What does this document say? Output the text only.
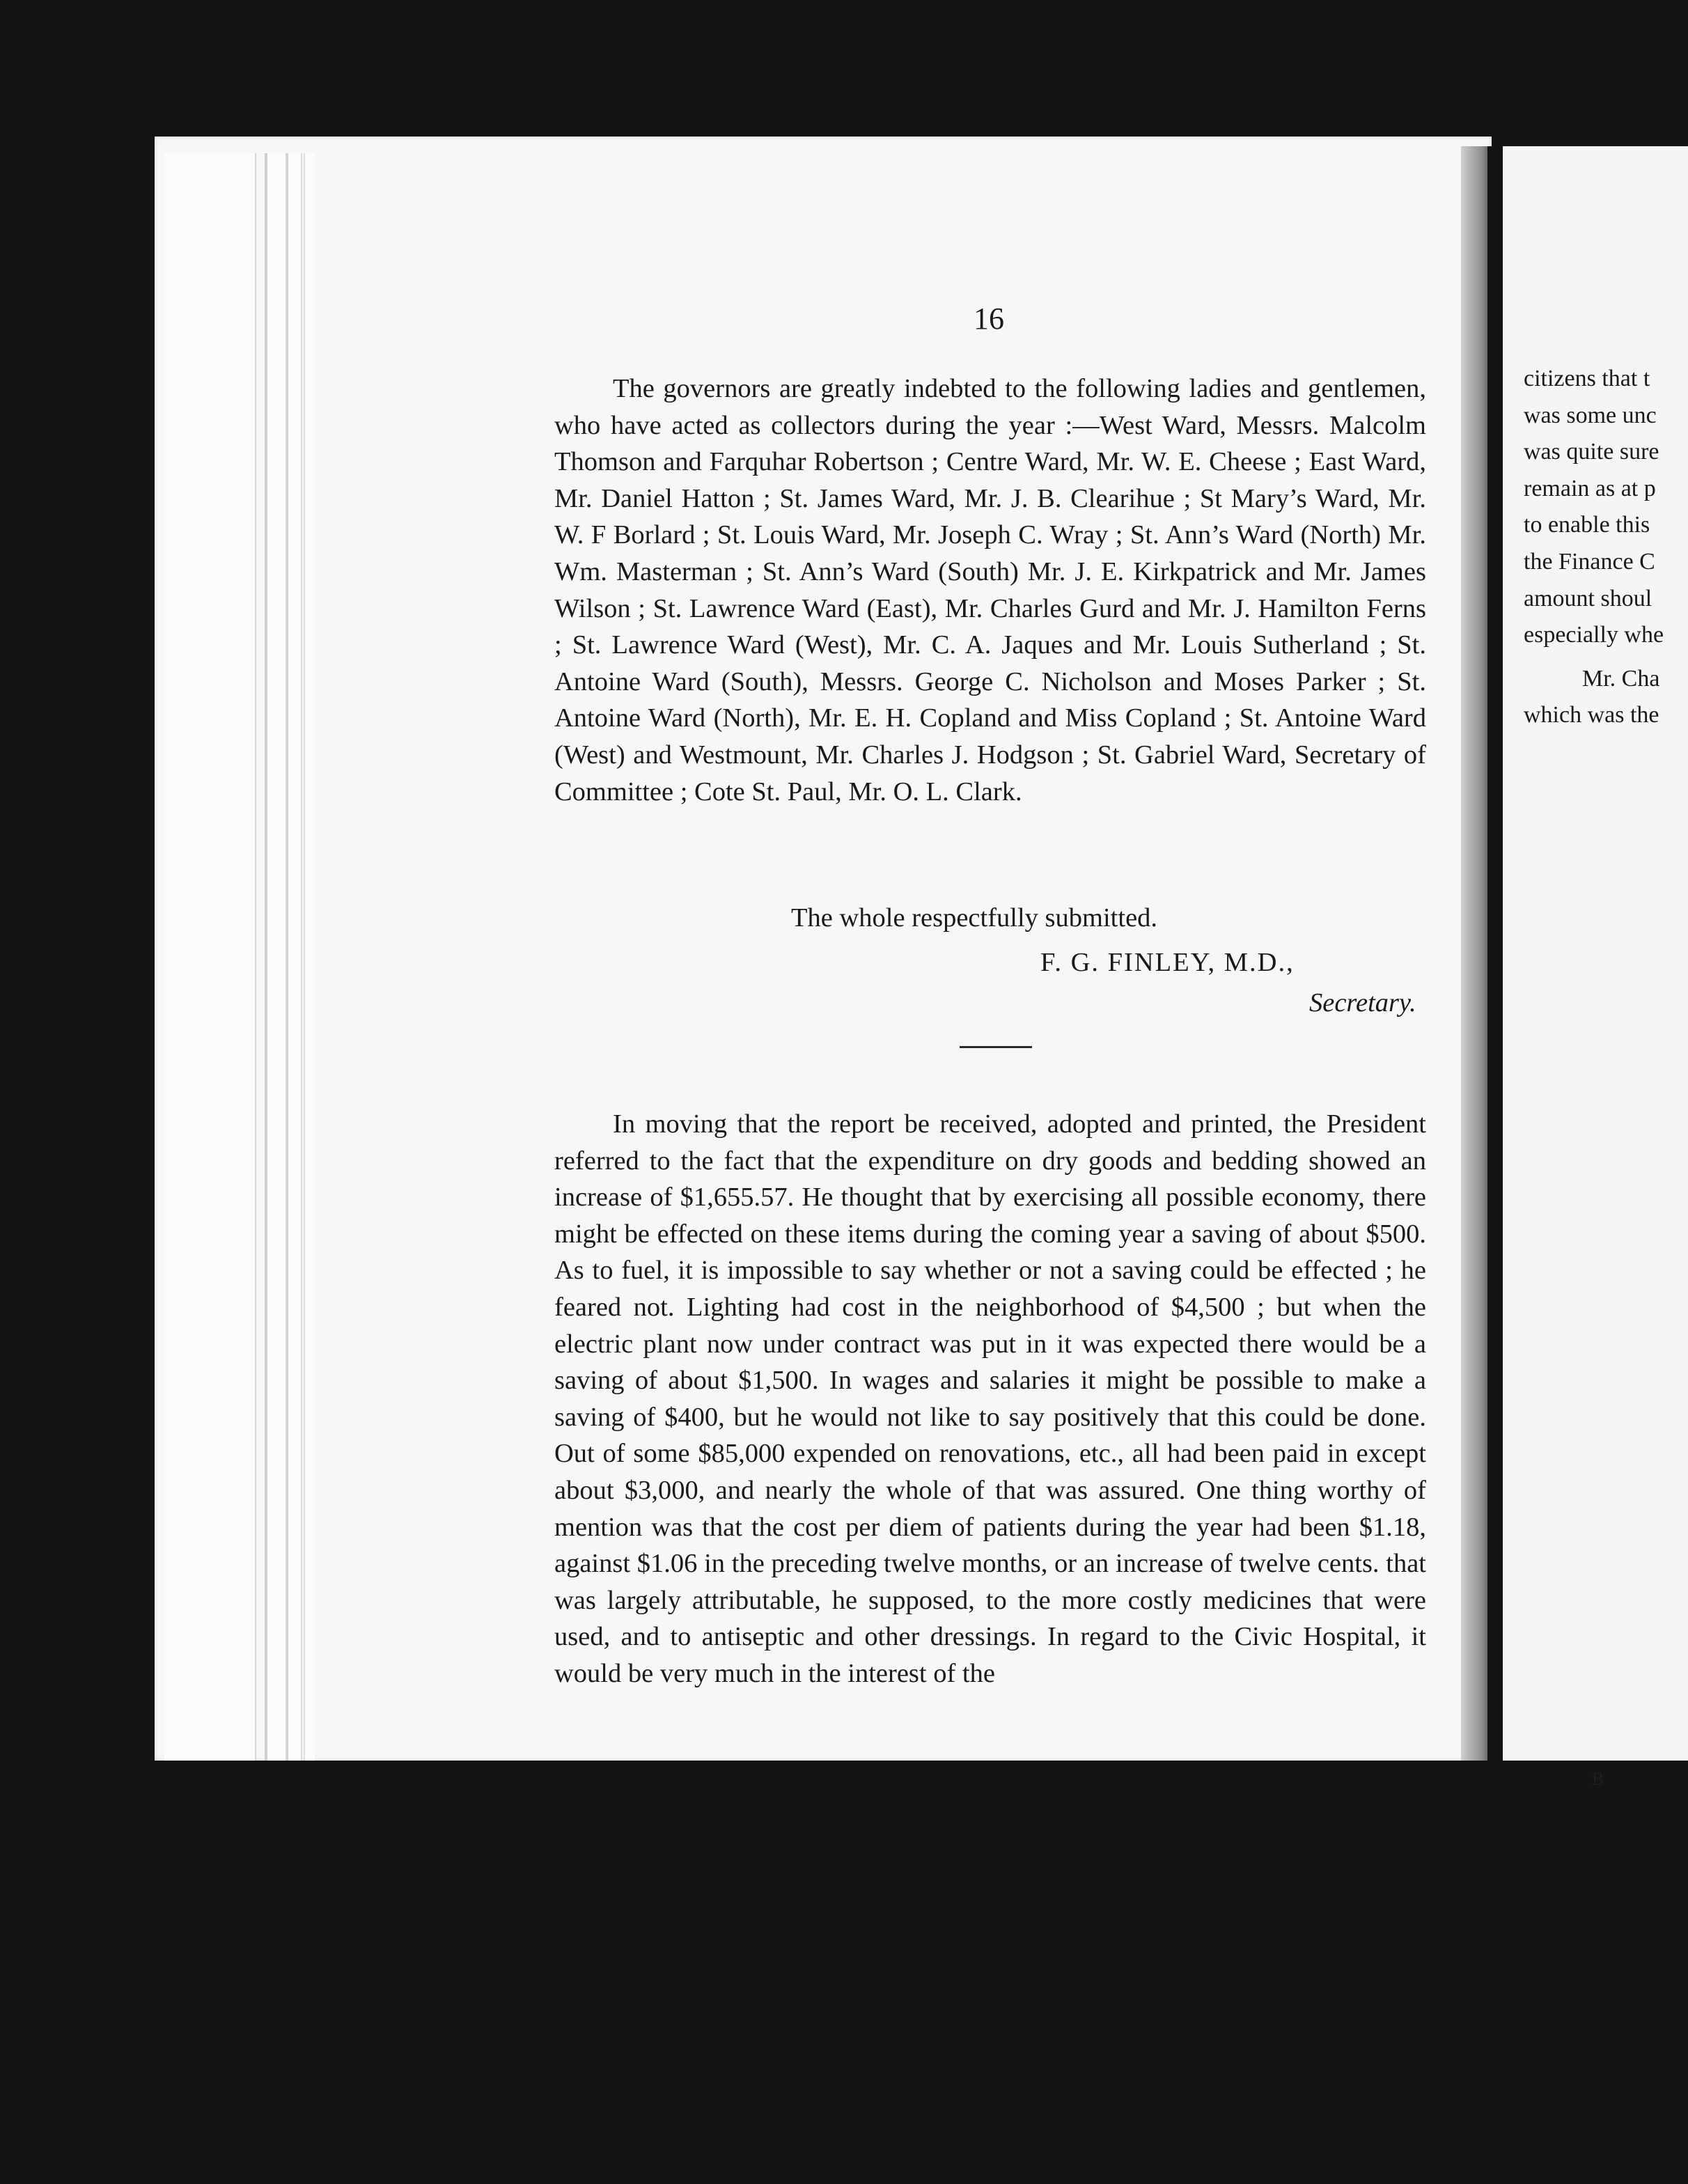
16
The governors are greatly indebted to the following ladies and gentlemen, who have acted as collectors during the year :—West Ward, Messrs. Malcolm Thomson and Farquhar Robertson ; Centre Ward, Mr. W. E. Cheese ; East Ward, Mr. Daniel Hatton ; St. James Ward, Mr. J. B. Clearihue ; St Mary’s Ward, Mr. W. F Borlard ; St. Louis Ward, Mr. Joseph C. Wray ; St. Ann’s Ward (North) Mr. Wm. Masterman ; St. Ann’s Ward (South) Mr. J. E. Kirkpatrick and Mr. James Wilson ; St. Lawrence Ward (East), Mr. Charles Gurd and Mr. J. Hamilton Ferns ; St. Lawrence Ward (West), Mr. C. A. Jaques and Mr. Louis Sutherland ; St. Antoine Ward (South), Messrs. George C. Nicholson and Moses Parker ; St. Antoine Ward (North), Mr. E. H. Copland and Miss Copland ; St. Antoine Ward (West) and Westmount, Mr. Charles J. Hodgson ; St. Gabriel Ward, Secretary of Committee ; Cote St. Paul, Mr. O. L. Clark.
The whole respectfully submitted.
F. G. FINLEY, M.D.,
Secretary.
In moving that the report be received, adopted and printed, the President referred to the fact that the expenditure on dry goods and bedding showed an increase of $1,655.57. He thought that by exercising all possible economy, there might be effected on these items during the coming year a saving of about $500. As to fuel, it is impossible to say whether or not a saving could be effected ; he feared not. Lighting had cost in the neighborhood of $4,500 ; but when the electric plant now under contract was put in it was expected there would be a saving of about $1,500. In wages and salaries it might be possible to make a saving of $400, but he would not like to say positively that this could be done. Out of some $85,000 expended on renovations, etc., all had been paid in except about $3,000, and nearly the whole of that was assured. One thing worthy of mention was that the cost per diem of patients during the year had been $1.18, against $1.06 in the preceding twelve months, or an increase of twelve cents. that was largely attributable, he supposed, to the more costly medicines that were used, and to antiseptic and other dressings. In regard to the Civic Hospital, it would be very much in the interest of the
citizens that t
was some unc
was quite sure
remain as at p
to enable this
the Finance C
amount shoul
especially whe
Mr. Cha
which was the
B
